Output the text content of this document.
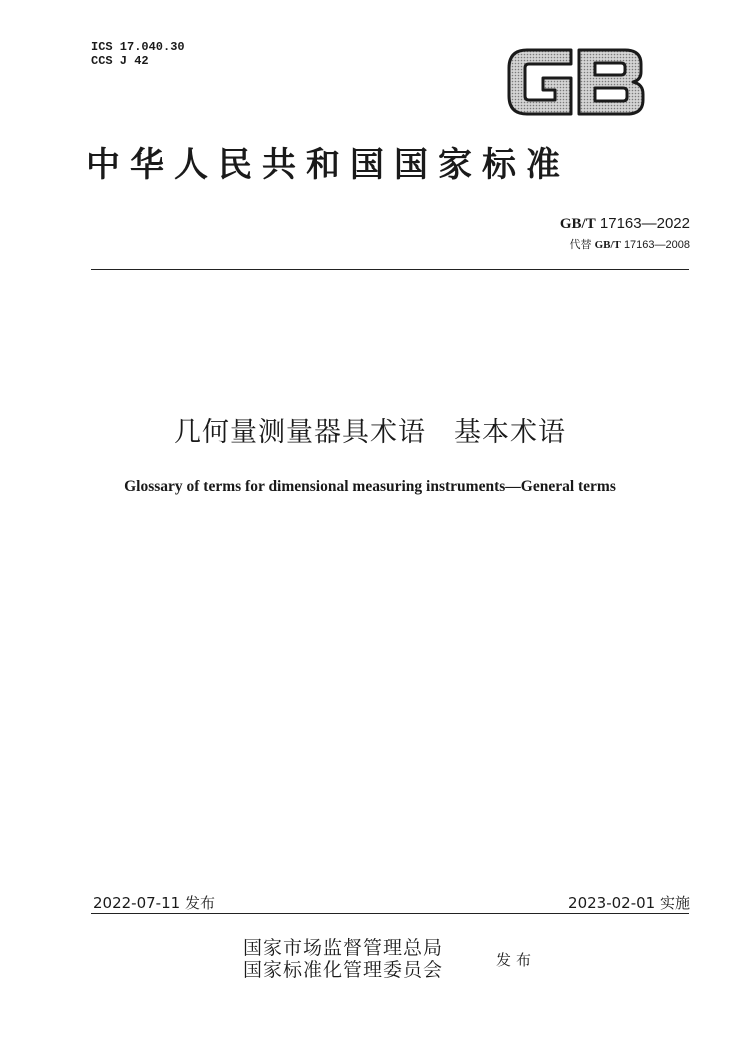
ICS 17.040.30
CCS J 42
中华人民共和国国家标准
GB/T 17163—2022
代替 GB/T 17163—2008
几何量测量器具术语　基本术语
Glossary of terms for dimensional measuring instruments—General terms
2022-07-11 发布	2023-02-01 实施
国家市场监督管理总局
国家标准化管理委员会	发布
